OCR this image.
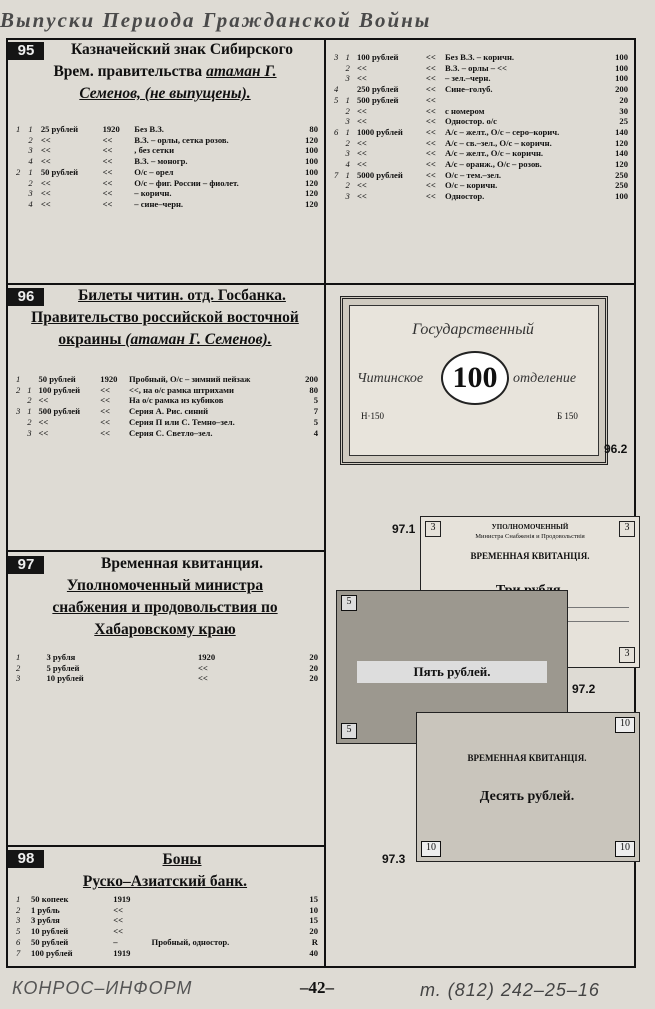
Выпуски Периода Гражданской Войны
95	Казначейский знак Сибирского
Врем. правительства атаман Г.
Семенов, (не выпущены).
1	1	25 рублей	1920	Без В.З.	80
	2	<<	<<	В.З. – орлы, сетка розов.	120
	3	<<	<<	, без сетки	100
	4	<<	<<	В.З. – моногр.	100
2	1	50 рублей	<<	О/с – орел	100
	2	<<	<<	О/с – фиг. России – фиолет.	120
	3	<<	<<	– коричн.	120
	4	<<	<<	– сине–черн.	120
3	1	100 рублей	<<	Без В.З. – коричн.	100
	2	<<	<<	В.З. – орлы – <<	100
	3	<<	<<	– зел.–черн.	100
4		250 рублей	<<	Сине–голуб.	200
5	1	500 рублей	<<		20
	2	<<	<<	с номером	30
	3	<<	<<	Одностор. о/с	25
6	1	1000 рублей	<<	А/с – желт., О/с – серо–корич.	140
	2	<<	<<	А/с – св.–зел., О/с – коричн.	120
	3	<<	<<	А/с – желт., О/с – коричн.	140
	4	<<	<<	А/с – оранж., О/с – розов.	120
7	1	5000 рублей	<<	О/с – тем.–зел.	250
	2	<<	<<	О/с – коричн.	250
	3	<<	<<	Одностор.	100
96	Билеты читин. отд. Госбанка.
Правительство российской восточной
окраины (атаман Г. Семенов).
1		50 рублей	1920	Пробный, О/с – зимний пейзаж	200
2	1	100 рублей	<<	<<, на о/с рамка штрихами	80
	2	<<	<<	На о/с рамка из кубиков	5
3	1	500 рублей	<<	Серия А. Рис. синий	7
	2	<<	<<	Серия П или С. Темно–зел.	5
	3	<<	<<	Серия С. Светло–зел.	4
97	Временная квитанция.
Уполномоченный министра
снабжения и продовольствия по
Хабаровскому краю
1	3 рубля	1920	20
2	5 рублей	<<	20
3	10 рублей	<<	20
98	Боны
Руско–Азиатский банк.
1	50 копеек	1919		15
2	1 рубль	<<		10
3	3 рубля	<<		15
5	10 рублей	<<		20
6	50 рублей	–	Пробный, одностор.	R
7	100 рублей	1919		40
Государственный
Читинское	отделение
100
Н·150	Б 150
96.2
97.1	3	3
УПОЛНОМОЧЕННЫЙ
Министра Снабженія и Продовольствія
ВРЕМЕННАЯ КВИТАНЦІЯ.
3
5
Пять рублей.
5
97.2
10
ВРЕМЕННАЯ КВИТАНЦІЯ.
Десять рублей.
10	10
97.3
КОНРОС–ИНФОРМ	–42–	т. (812) 242–25–16
